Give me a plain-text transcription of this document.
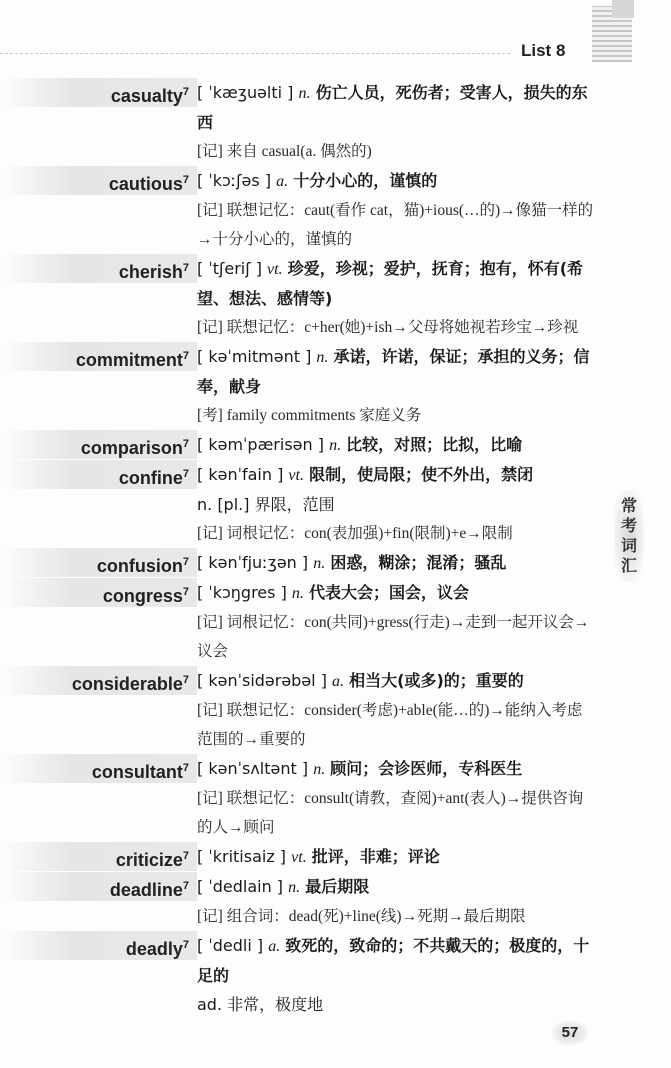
List 8
常考词汇
casualty$^7$ [ ˈkæʒuəlti ] n. 伤亡人员，死伤者；受害人，损失的东西
[记] 来自 casual(a. 偶然的)
cautious$^7$ [ ˈkɔːʃəs ] a. 十分小心的，谨慎的
[记] 联想记忆：caut(看作 cat，猫)+ious(…的)→像猫一样的→十分小心的，谨慎的
cherish$^7$ [ ˈtʃeriʃ ] vt. 珍爱，珍视；爱护，抚育；抱有，怀有(希望、想法、感情等)
[记] 联想记忆：c+her(她)+ish→父母将她视若珍宝→珍视
commitment$^7$ [ kəˈmitmənt ] n. 承诺，许诺，保证；承担的义务；信奉，献身
[考] family commitments 家庭义务
comparison$^7$ [ kəmˈpærisən ] n. 比较，对照；比拟，比喻
confine$^7$ [ kənˈfain ] vt. 限制，使局限；使不外出，禁闭
n. [pl.] 界限，范围
[记] 词根记忆：con(表加强)+fin(限制)+e→限制
confusion$^7$ [ kənˈfjuːʒən ] n. 困惑，糊涂；混淆；骚乱
congress$^7$ [ ˈkɔŋgres ] n. 代表大会；国会，议会
[记] 词根记忆：con(共同)+gress(行走)→走到一起开议会→议会
considerable$^7$ [ kənˈsidərəbəl ] a. 相当大(或多)的；重要的
[记] 联想记忆：consider(考虑)+able(能…的)→能纳入考虑范围的→重要的
consultant$^7$ [ kənˈsʌltənt ] n. 顾问；会诊医师，专科医生
[记] 联想记忆：consult(请教，查阅)+ant(表人)→提供咨询的人→顾问
criticize$^7$ [ ˈkritisaiz ] vt. 批评，非难；评论
deadline$^7$ [ ˈdedlain ] n. 最后期限
[记] 组合词：dead(死)+line(线)→死期→最后期限
deadly$^7$ [ ˈdedli ] a. 致死的，致命的；不共戴天的；极度的，十足的
ad. 非常，极度地
57
